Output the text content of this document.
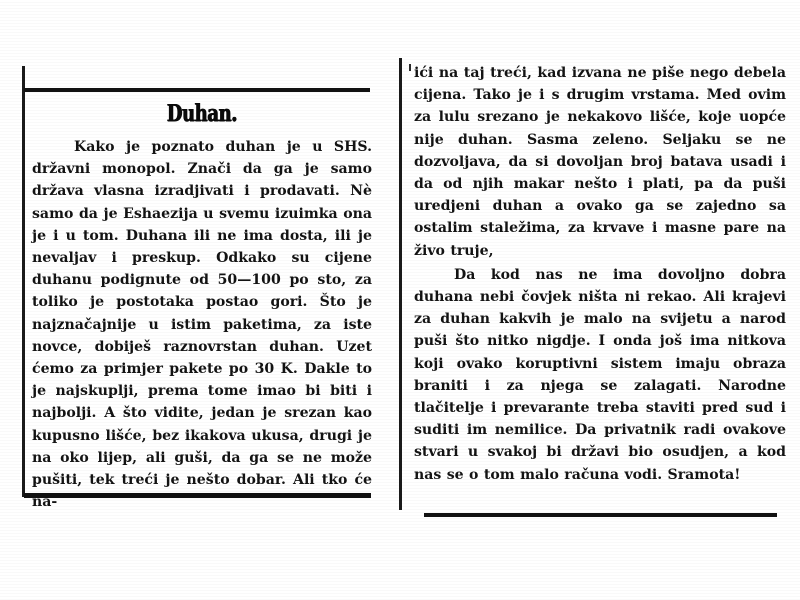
Duhan.

Kako je poznato duhan je u SHS. državni monopol. Znači da ga je samo država vlasna izradjivati i prodavati. Nè samo da je Eshaezija u svemu izuimka ona je i u tom. Duhana ili ne ima dosta, ili je nevaljav i preskup. Odkako su cijene duhanu podignute od 50—100 po sto, za toliko je postotaka postao gori. Što je najznačajnije u istim paketima, za iste novce, dobiješ raznovrstan duhan. Uzet ćemo za primjer pakete po 30 K. Dakle to je najskuplji, prema tome imao bi biti i najbolji. A što vidite, jedan je srezan kao kupusno lišće, bez ikakova ukusa, drugi je na oko lijep, ali guši, da ga se ne može pušiti, tek treći je nešto dobar. Ali tko će na-

ići na taj treći, kad izvana ne piše nego debela cijena. Tako je i s drugim vrstama. Med ovim za lulu srezano je nekakovo lišće, koje uopće nije duhan. Sasma zeleno. Seljaku se ne dozvoljava, da si dovoljan broj batava usadi i da od njih makar nešto i plati, pa da puši uredjeni duhan a ovako ga se zajedno sa ostalim staležima, za krvave i masne pare na živo truje,

Da kod nas ne ima dovoljno dobra duhana nebi čovjek ništa ni rekao. Ali krajevi za duhan kakvih je malo na svijetu a narod puši što nitko nigdje. I onda još ima nitkova koji ovako koruptivni sistem imaju obraza braniti i za njega se zalagati. Narodne tlačitelje i prevarante treba staviti pred sud i suditi im nemilice. Da privatnik radi ovakove stvari u svakoj bi državi bio osudjen, a kod nas se o tom malo računa vodi. Sramota!
